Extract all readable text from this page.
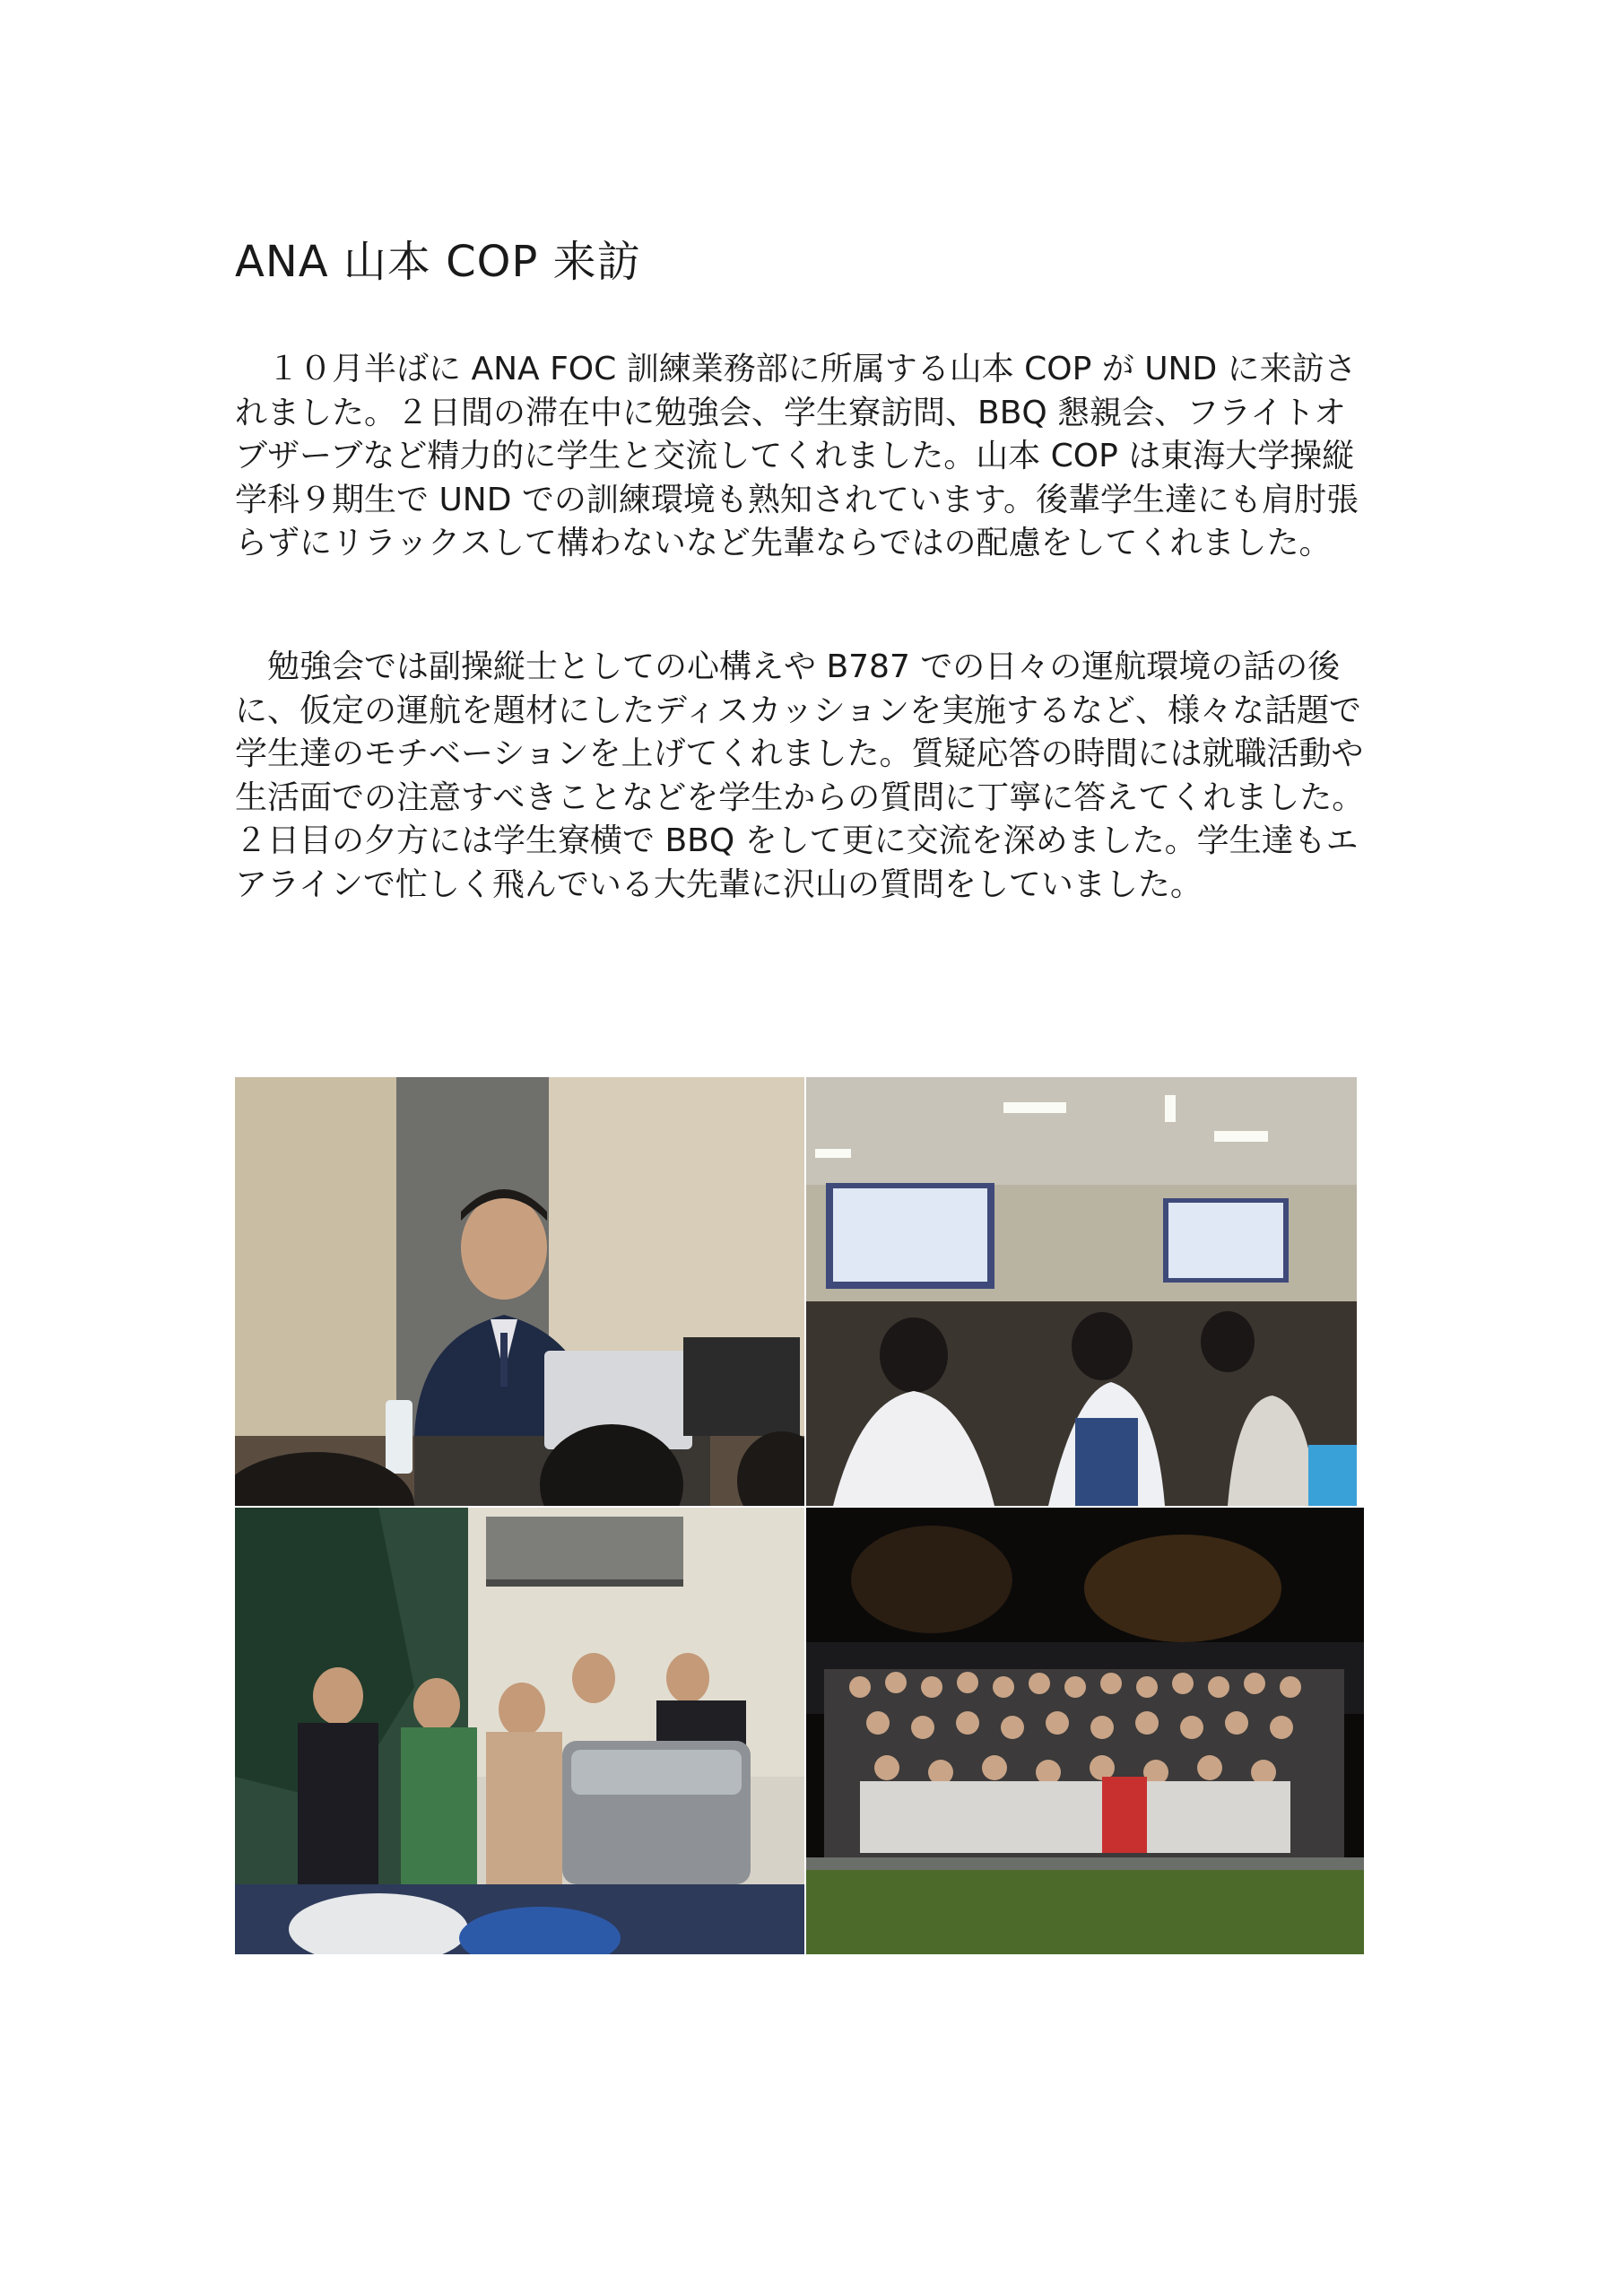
ANA 山本 COP 来訪
　１０月半ばに ANA FOC 訓練業務部に所属する山本 COP が UND に来訪さ
れました。２日間の滞在中に勉強会、学生寮訪問、BBQ 懇親会、フライトオ
ブザーブなど精力的に学生と交流してくれました。山本 COP は東海大学操縦
学科９期生で UND での訓練環境も熟知されています。後輩学生達にも肩肘張
らずにリラックスして構わないなど先輩ならではの配慮をしてくれました。
　勉強会では副操縦士としての心構えや B787 での日々の運航環境の話の後
に、仮定の運航を題材にしたディスカッションを実施するなど、様々な話題で
学生達のモチベーションを上げてくれました。質疑応答の時間には就職活動や
生活面での注意すべきことなどを学生からの質問に丁寧に答えてくれました。
２日目の夕方には学生寮横で BBQ をして更に交流を深めました。学生達もエ
アラインで忙しく飛んでいる大先輩に沢山の質問をしていました。
